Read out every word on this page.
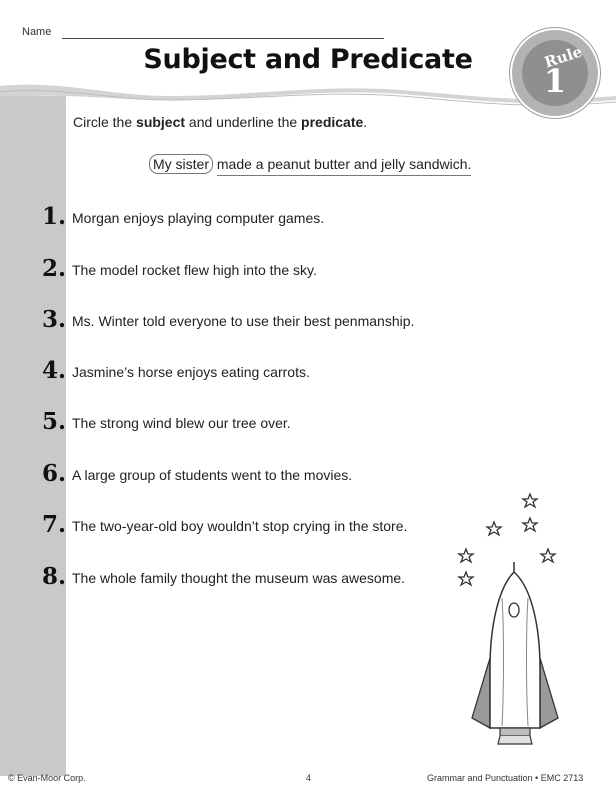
Name
Subject and Predicate	Rule
1
Circle the subject and underline the predicate.
My sister made a peanut butter and jelly sandwich.
1. Morgan enjoys playing computer games.
2. The model rocket flew high into the sky.
3. Ms. Winter told everyone to use their best penmanship.
4. Jasmine’s horse enjoys eating carrots.
5. The strong wind blew our tree over.
6. A large group of students went to the movies.
7. The two-year-old boy wouldn’t stop crying in the store.
8. The whole family thought the museum was awesome.
© Evan-Moor Corp.	4	Grammar and Punctuation • EMC 2713
